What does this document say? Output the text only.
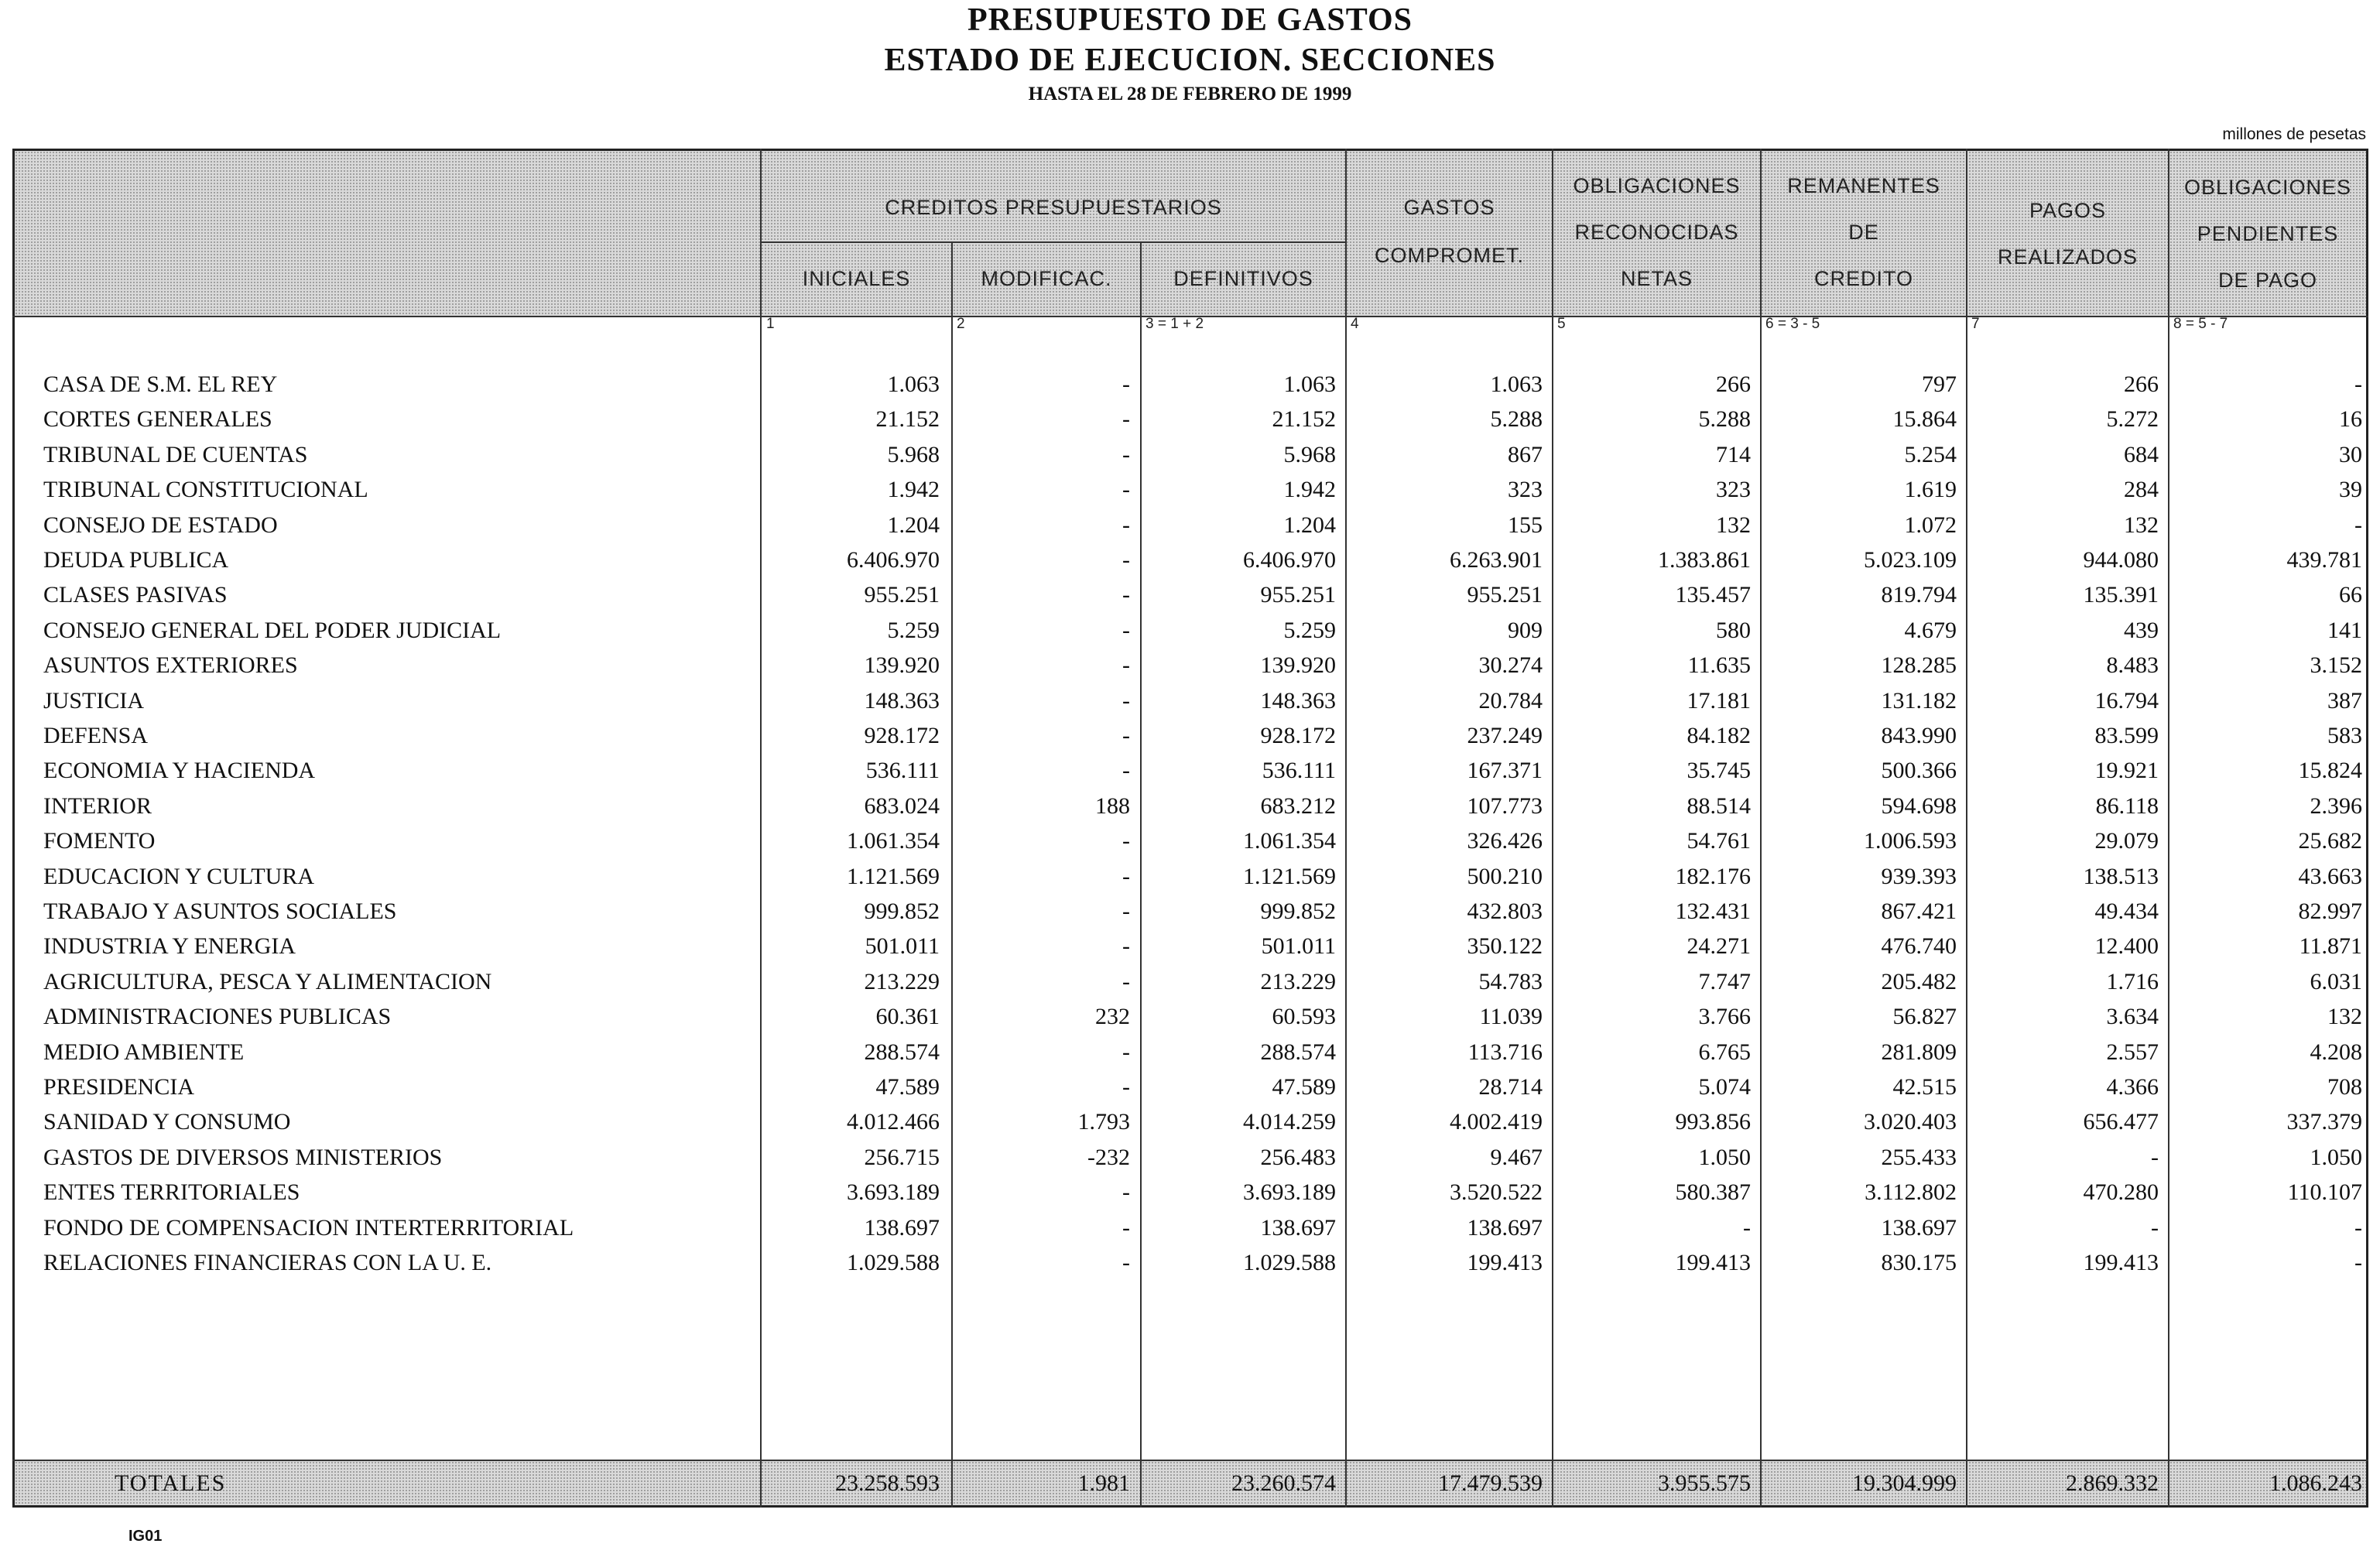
PRESUPUESTO DE GASTOS
ESTADO DE EJECUCION. SECCIONES
HASTA EL 28 DE FEBRERO DE 1999
millones de pesetas
CREDITOS PRESUPUESTARIOS
INICIALES	MODIFICAC.	DEFINITIVOS
GASTOS
COMPROMET.
OBLIGACIONES
RECONOCIDAS
NETAS
REMANENTES
DE
CREDITO
PAGOS
REALIZADOS
OBLIGACIONES
PENDIENTES
DE PAGO
1	2	3 = 1 + 2	4	5	6 = 3 - 5	7	8 = 5 - 7
CASA DE S.M. EL REY	1.063	-	1.063	1.063	266	797	266	-
CORTES GENERALES	21.152	-	21.152	5.288	5.288	15.864	5.272	16
TRIBUNAL DE CUENTAS	5.968	-	5.968	867	714	5.254	684	30
TRIBUNAL CONSTITUCIONAL	1.942	-	1.942	323	323	1.619	284	39
CONSEJO DE ESTADO	1.204	-	1.204	155	132	1.072	132	-
DEUDA PUBLICA	6.406.970	-	6.406.970	6.263.901	1.383.861	5.023.109	944.080	439.781
CLASES PASIVAS	955.251	-	955.251	955.251	135.457	819.794	135.391	66
CONSEJO GENERAL DEL PODER JUDICIAL	5.259	-	5.259	909	580	4.679	439	141
ASUNTOS EXTERIORES	139.920	-	139.920	30.274	11.635	128.285	8.483	3.152
JUSTICIA	148.363	-	148.363	20.784	17.181	131.182	16.794	387
DEFENSA	928.172	-	928.172	237.249	84.182	843.990	83.599	583
ECONOMIA Y HACIENDA	536.111	-	536.111	167.371	35.745	500.366	19.921	15.824
INTERIOR	683.024	188	683.212	107.773	88.514	594.698	86.118	2.396
FOMENTO	1.061.354	-	1.061.354	326.426	54.761	1.006.593	29.079	25.682
EDUCACION Y CULTURA	1.121.569	-	1.121.569	500.210	182.176	939.393	138.513	43.663
TRABAJO Y ASUNTOS SOCIALES	999.852	-	999.852	432.803	132.431	867.421	49.434	82.997
INDUSTRIA Y ENERGIA	501.011	-	501.011	350.122	24.271	476.740	12.400	11.871
AGRICULTURA, PESCA Y ALIMENTACION	213.229	-	213.229	54.783	7.747	205.482	1.716	6.031
ADMINISTRACIONES PUBLICAS	60.361	232	60.593	11.039	3.766	56.827	3.634	132
MEDIO AMBIENTE	288.574	-	288.574	113.716	6.765	281.809	2.557	4.208
PRESIDENCIA	47.589	-	47.589	28.714	5.074	42.515	4.366	708
SANIDAD Y CONSUMO	4.012.466	1.793	4.014.259	4.002.419	993.856	3.020.403	656.477	337.379
GASTOS DE DIVERSOS MINISTERIOS	256.715	-232	256.483	9.467	1.050	255.433	-	1.050
ENTES TERRITORIALES	3.693.189	-	3.693.189	3.520.522	580.387	3.112.802	470.280	110.107
FONDO DE COMPENSACION INTERTERRITORIAL	138.697	-	138.697	138.697	-	138.697	-	-
RELACIONES FINANCIERAS CON LA U. E.	1.029.588	-	1.029.588	199.413	199.413	830.175	199.413	-
TOTALES	23.258.593	1.981	23.260.574	17.479.539	3.955.575	19.304.999	2.869.332	1.086.243
IG01
